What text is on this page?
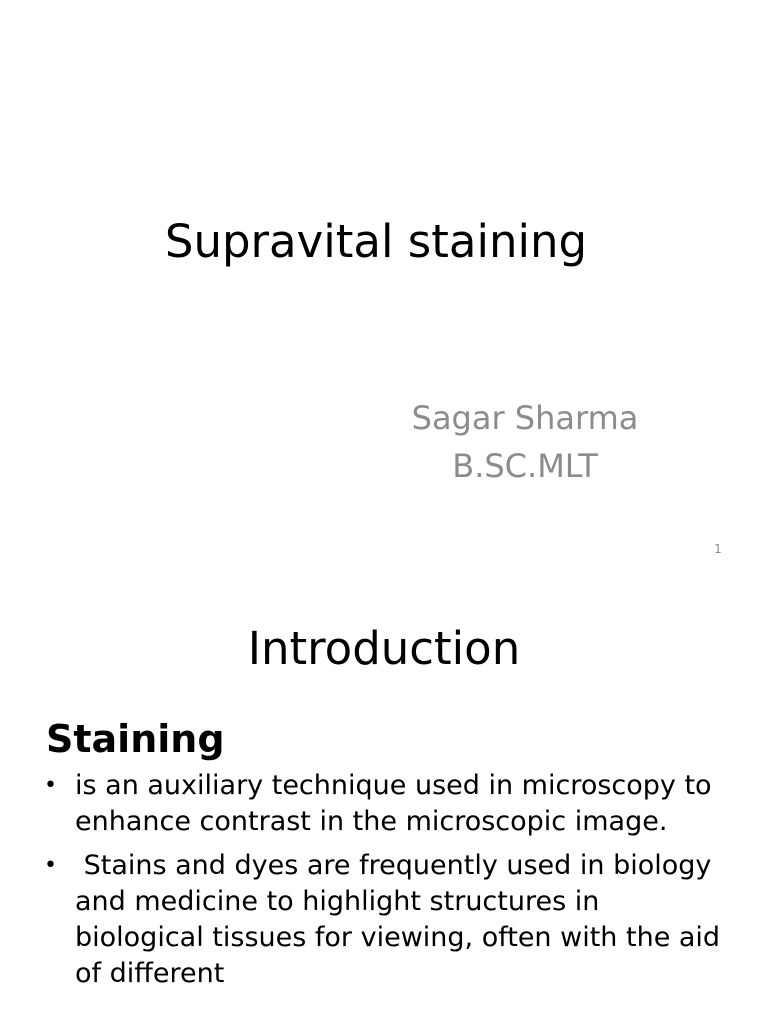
Supravital staining
Sagar Sharma
B.SC.MLT
1
Introduction
Staining
• is an auxiliary technique used in microscopy to enhance contrast in the microscopic image.
• Stains and dyes are frequently used in biology and medicine to highlight structures in biological tissues for viewing, often with the aid of different
